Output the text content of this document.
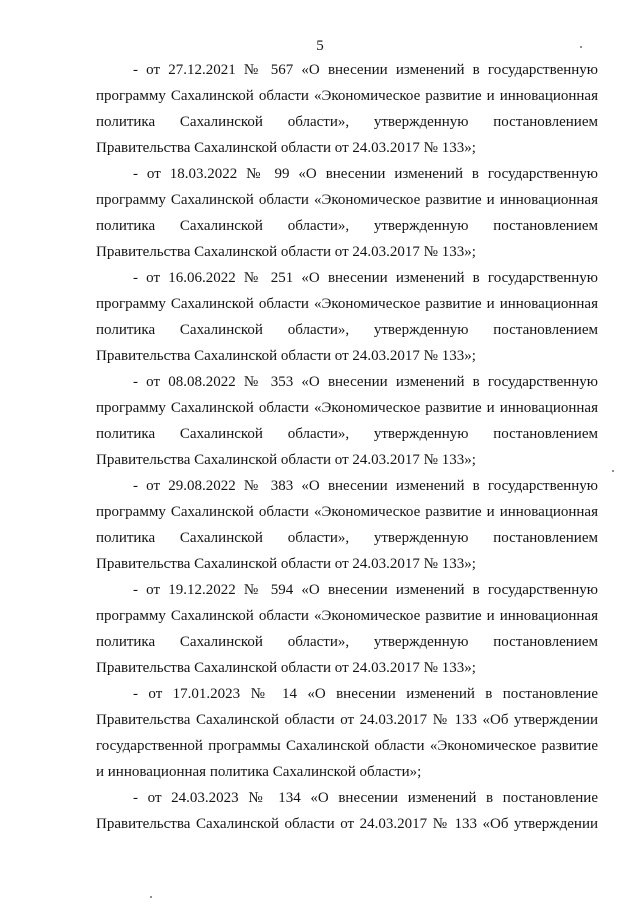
5

- от 27.12.2021 № 567 «О внесении изменений в государственную
программу Сахалинской области «Экономическое развитие и инновационная
политика Сахалинской области», утвержденную постановлением
Правительства Сахалинской области от 24.03.2017 № 133»;

- от 18.03.2022 № 99 «О внесении изменений в государственную
программу Сахалинской области «Экономическое развитие и инновационная
политика Сахалинской области», утвержденную постановлением
Правительства Сахалинской области от 24.03.2017 № 133»;

- от 16.06.2022 № 251 «О внесении изменений в государственную
программу Сахалинской области «Экономическое развитие и инновационная
политика Сахалинской области», утвержденную постановлением
Правительства Сахалинской области от 24.03.2017 № 133»;

- от 08.08.2022 № 353 «О внесении изменений в государственную
программу Сахалинской области «Экономическое развитие и инновационная
политика Сахалинской области», утвержденную постановлением
Правительства Сахалинской области от 24.03.2017 № 133»;

- от 29.08.2022 № 383 «О внесении изменений в государственную
программу Сахалинской области «Экономическое развитие и инновационная
политика Сахалинской области», утвержденную постановлением
Правительства Сахалинской области от 24.03.2017 № 133»;

- от 19.12.2022 № 594 «О внесении изменений в государственную
программу Сахалинской области «Экономическое развитие и инновационная
политика Сахалинской области», утвержденную постановлением
Правительства Сахалинской области от 24.03.2017 № 133»;

- от 17.01.2023 № 14 «О внесении изменений в постановление
Правительства Сахалинской области от 24.03.2017 № 133 «Об утверждении
государственной программы Сахалинской области «Экономическое развитие
и инновационная политика Сахалинской области»;

- от 24.03.2023 № 134 «О внесении изменений в постановление
Правительства Сахалинской области от 24.03.2017 № 133 «Об утверждении
